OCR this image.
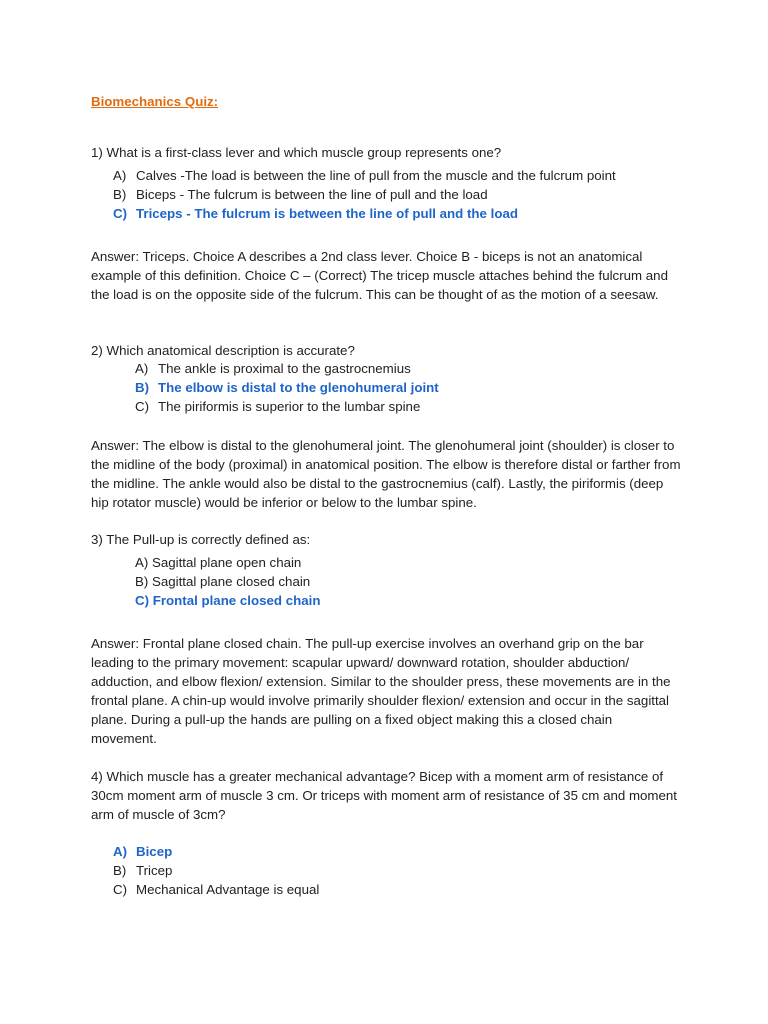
Biomechanics Quiz:

1) What is a first-class lever and which muscle group represents one?

A) Calves -The load is between the line of pull from the muscle and the fulcrum point
B) Biceps - The fulcrum is between the line of pull and the load
C) Triceps - The fulcrum is between the line of pull and the load

Answer: Triceps. Choice A describes a 2nd class lever. Choice B - biceps is not an anatomical example of this definition. Choice C – (Correct) The tricep muscle attaches behind the fulcrum and the load is on the opposite side of the fulcrum. This can be thought of as the motion of a seesaw.

2) Which anatomical description is accurate?

A) The ankle is proximal to the gastrocnemius
B) The elbow is distal to the glenohumeral joint
C) The piriformis is superior to the lumbar spine

Answer: The elbow is distal to the glenohumeral joint. The glenohumeral joint (shoulder) is closer to the midline of the body (proximal) in anatomical position. The elbow is therefore distal or farther from the midline. The ankle would also be distal to the gastrocnemius (calf). Lastly, the piriformis (deep hip rotator muscle) would be inferior or below to the lumbar spine.

3) The Pull-up is correctly defined as:

A) Sagittal plane open chain
B) Sagittal plane closed chain
C) Frontal plane closed chain

Answer: Frontal plane closed chain. The pull-up exercise involves an overhand grip on the bar leading to the primary movement: scapular upward/ downward rotation, shoulder abduction/ adduction, and elbow flexion/ extension. Similar to the shoulder press, these movements are in the frontal plane. A chin-up would involve primarily shoulder flexion/ extension and occur in the sagittal plane. During a pull-up the hands are pulling on a fixed object making this a closed chain movement.

4) Which muscle has a greater mechanical advantage? Bicep with a moment arm of resistance of 30cm moment arm of muscle 3 cm. Or triceps with moment arm of resistance of 35 cm and moment arm of muscle of 3cm?

A) Bicep
B) Tricep
C) Mechanical Advantage is equal
